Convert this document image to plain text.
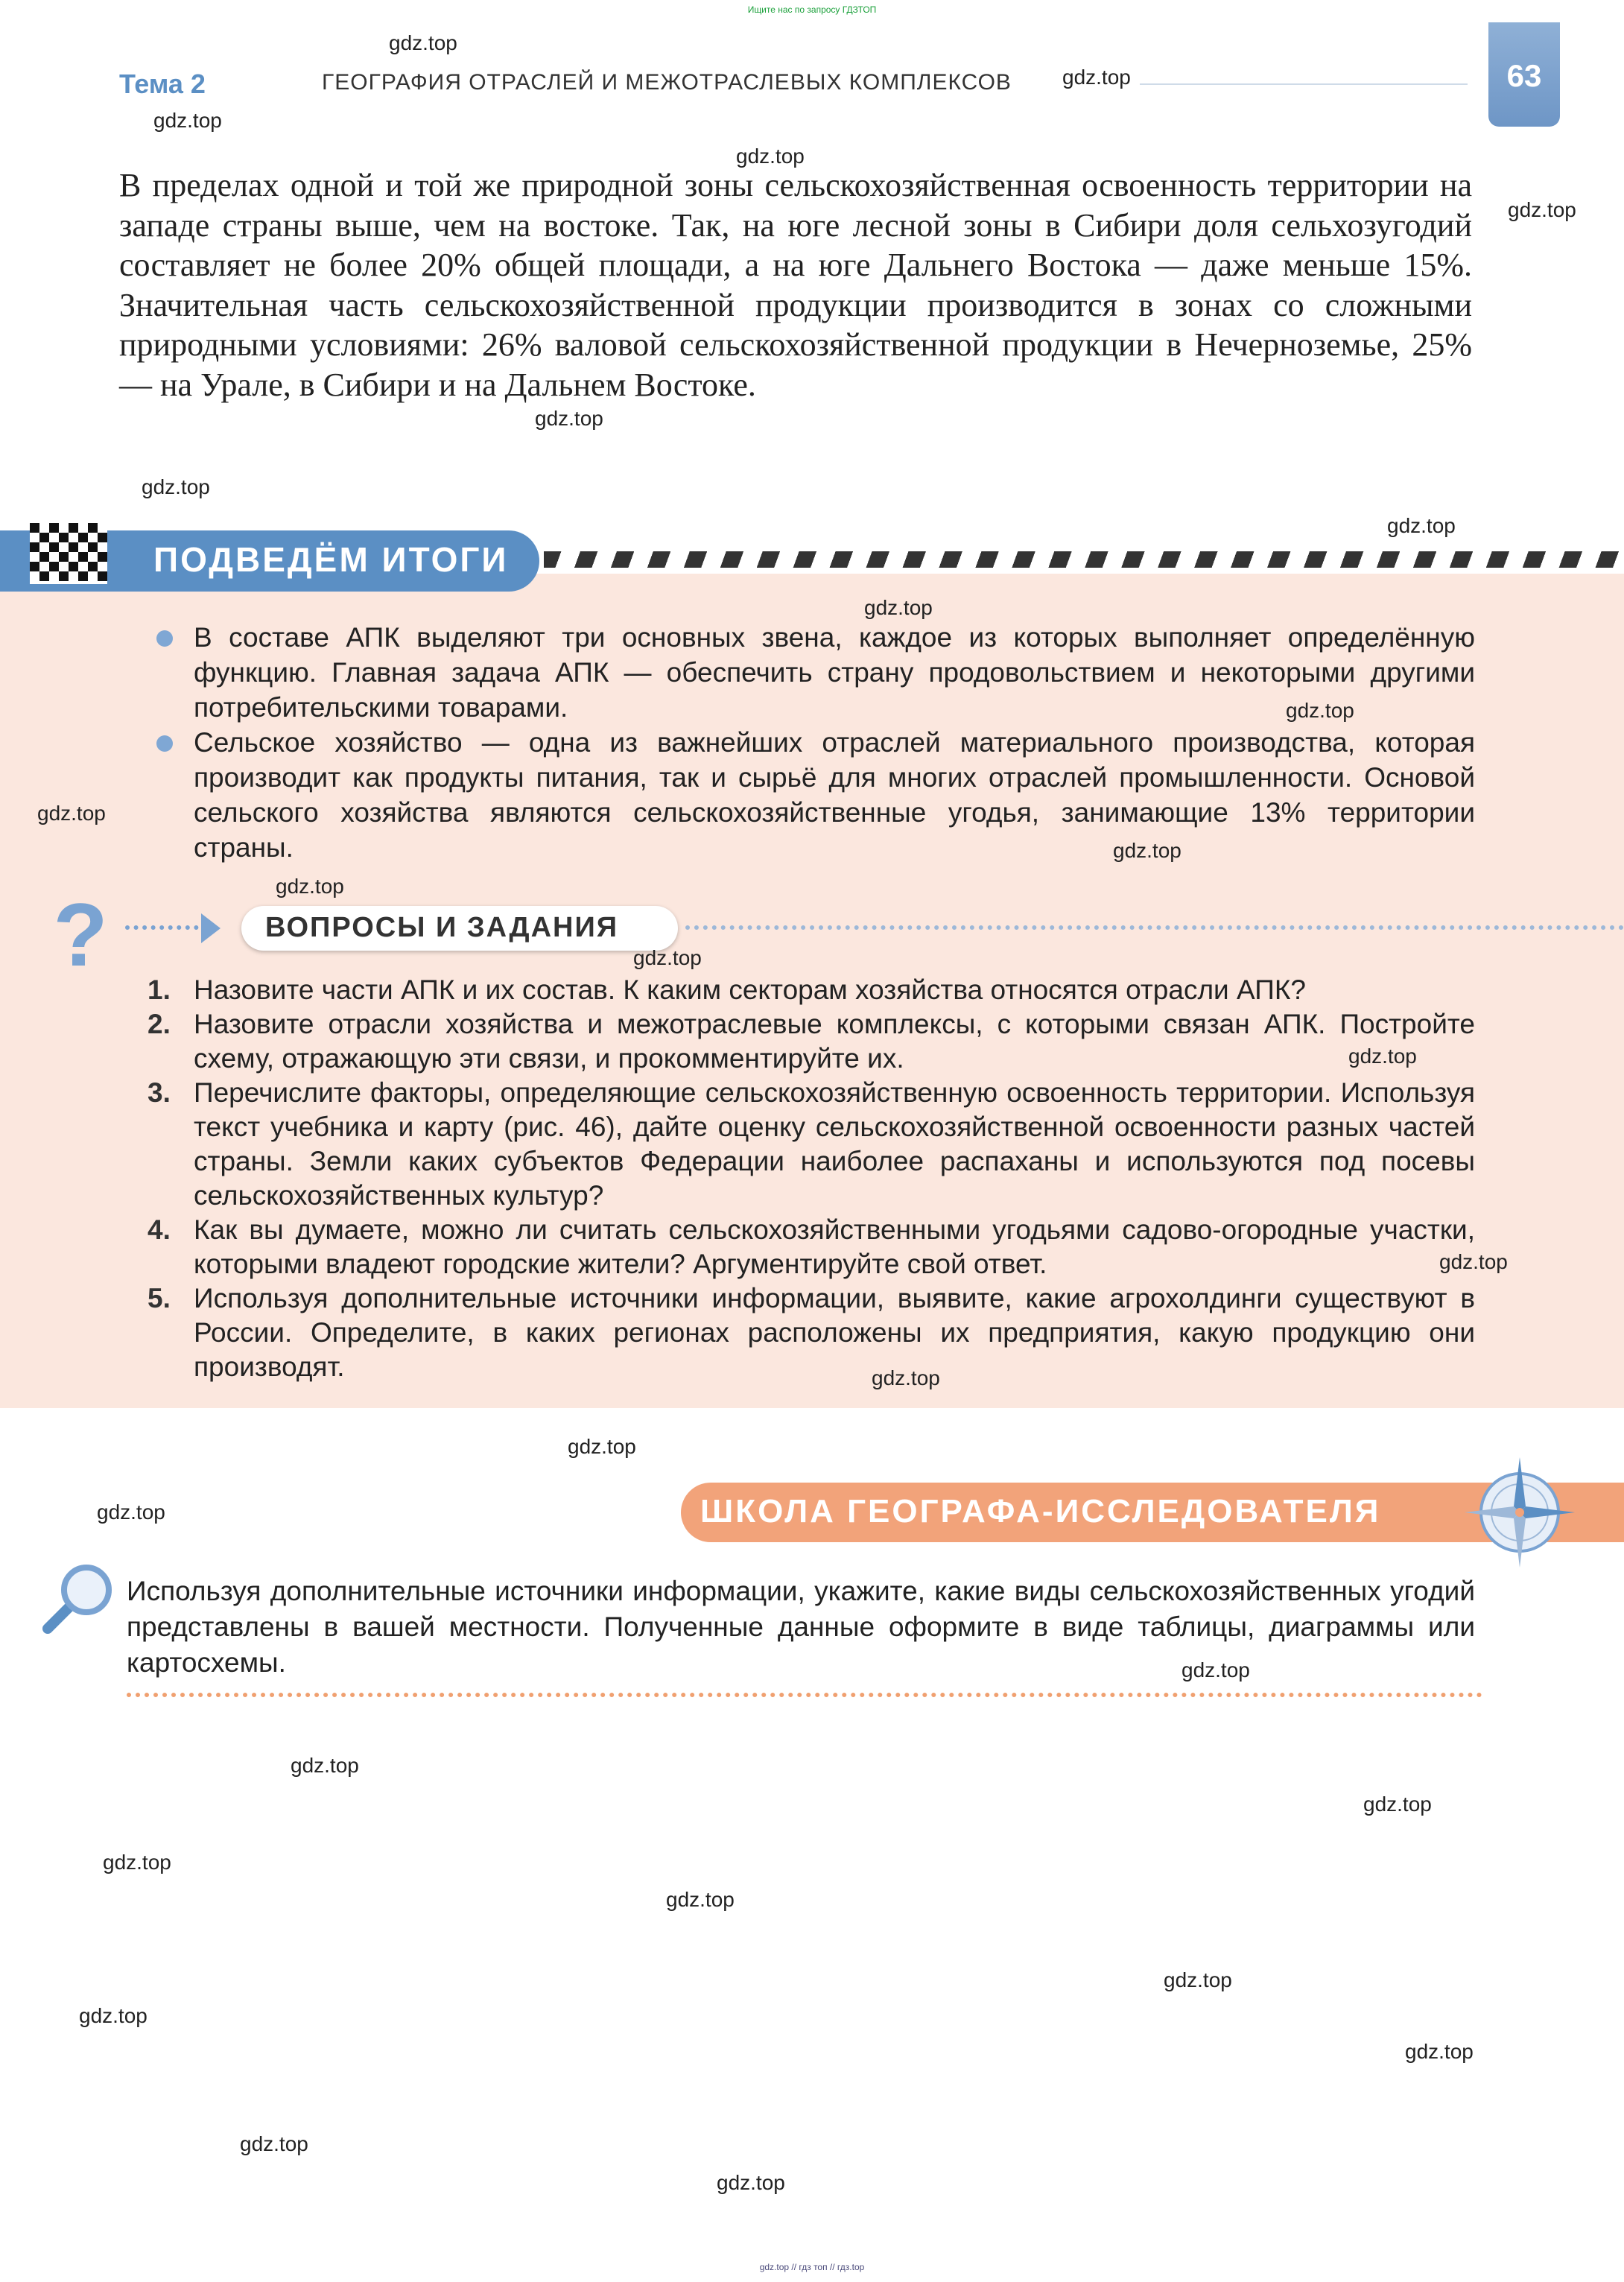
Ищите нас по запросу ГДЗТОП
gdz.top // гдз топ // гдз.top
Тема 2	ГЕОГРАФИЯ ОТРАСЛЕЙ И МЕЖОТРАСЛЕВЫХ КОМПЛЕКСОВ	63
В пределах одной и той же природной зоны сельскохозяйственная освоенность территории на западе страны выше, чем на востоке. Так, на юге лесной зоны в Сибири доля сельхозугодий составляет не более 20% общей площади, а на юге Дальнего Востока — даже меньше 15%. Значительная часть сельскохозяйственной продукции производится в зонах со сложными природными условиями: 26% валовой сельскохозяйственной продукции в Нечерноземье, 25% — на Урале, в Сибири и на Дальнем Востоке.
ПОДВЕДЁМ ИТОГИ
В составе АПК выделяют три основных звена, каждое из которых выполняет определённую функцию. Главная задача АПК — обеспечить страну продовольствием и некоторыми другими потребительскими товарами.
Сельское хозяйство — одна из важнейших отраслей материального производства, которая производит как продукты питания, так и сырьё для многих отраслей промышленности. Основой сельского хозяйства являются сельскохозяйственные угодья, занимающие 13% территории страны.
?	ВОПРОСЫ И ЗАДАНИЯ
1. Назовите части АПК и их состав. К каким секторам хозяйства относятся отрасли АПК?
2. Назовите отрасли хозяйства и межотраслевые комплексы, с которыми связан АПК. Постройте схему, отражающую эти связи, и прокомментируйте их.
3. Перечислите факторы, определяющие сельскохозяйственную освоенность территории. Используя текст учебника и карту (рис. 46), дайте оценку сельскохозяйственной освоенности разных частей страны. Земли каких субъектов Федерации наиболее распаханы и используются под посевы сельскохозяйственных культур?
4. Как вы думаете, можно ли считать сельскохозяйственными угодьями садово-огородные участки, которыми владеют городские жители? Аргументируйте свой ответ.
5. Используя дополнительные источники информации, выявите, какие агрохолдинги существуют в России. Определите, в каких регионах расположены их предприятия, какую продукцию они производят.
ШКОЛА ГЕОГРАФА-ИССЛЕДОВАТЕЛЯ
Используя дополнительные источники информации, укажите, какие виды сельскохозяйственных угодий представлены в вашей местности. Полученные данные оформите в виде таблицы, диаграммы или картосхемы.
gdz.top
gdz.top
gdz.top
gdz.top
gdz.top
gdz.top
gdz.top
gdz.top
gdz.top
gdz.top
gdz.top
gdz.top
gdz.top
gdz.top
gdz.top
gdz.top
gdz.top
gdz.top
gdz.top
gdz.top
gdz.top
gdz.top
gdz.top
gdz.top
gdz.top
gdz.top
gdz.top
gdz.top
gdz.top
